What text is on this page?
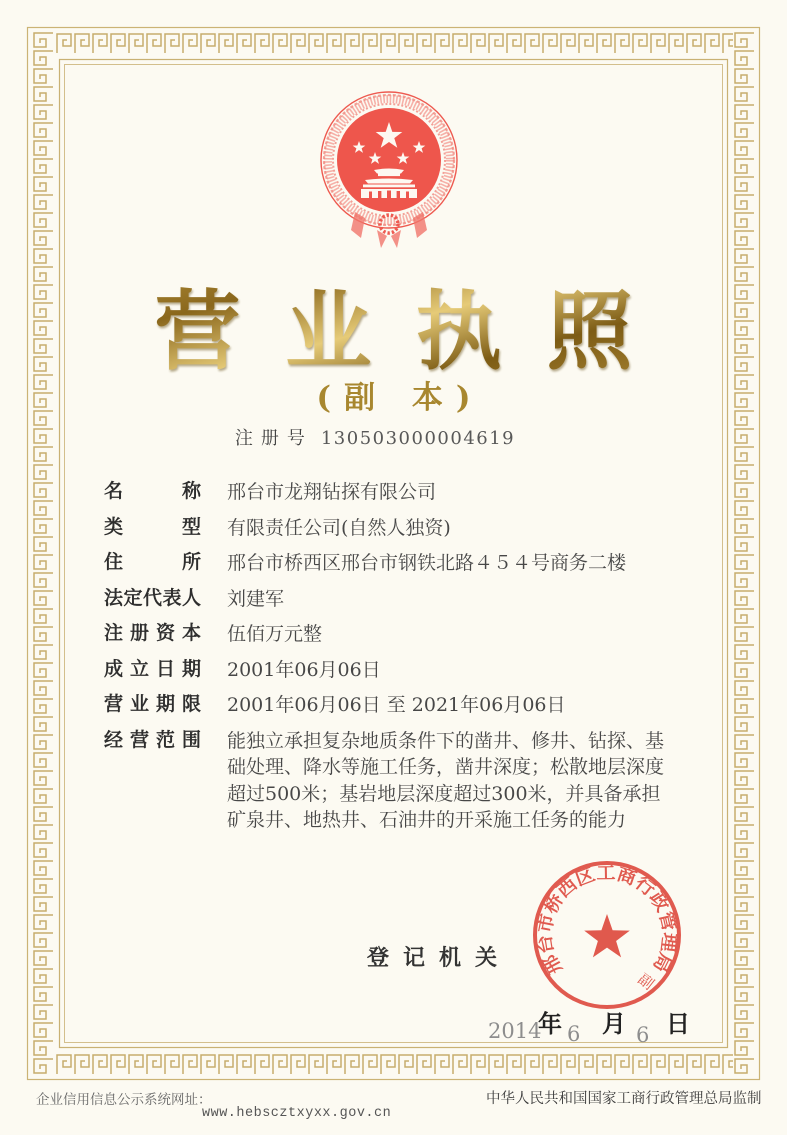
营业执照
(副 本)
注册号 130503000004619
名称 邢台市龙翔钻探有限公司
类型 有限责任公司(自然人独资)
住所 邢台市桥西区邢台市钢铁北路４５４号商务二楼
法定代表人 刘建军
注册资本 伍佰万元整
成立日期 2001年06月06日
营业期限 2001年06月06日 至 2021年06月06日
经营范围 能独立承担复杂地质条件下的凿井、修井、钻探、基础处理、降水等施工任务，凿井深度；松散地层深度超过500米；基岩地层深度超过300米，并具备承担矿泉井、地热井、石油井的开采施工任务的能力
登记机关	邢台市桥西区工商行政管理局
副
年 月 日
2014 6	6
企业信用信息公示系统网址：
www.hebscztxyxx.gov.cn
中华人民共和国国家工商行政管理总局监制
